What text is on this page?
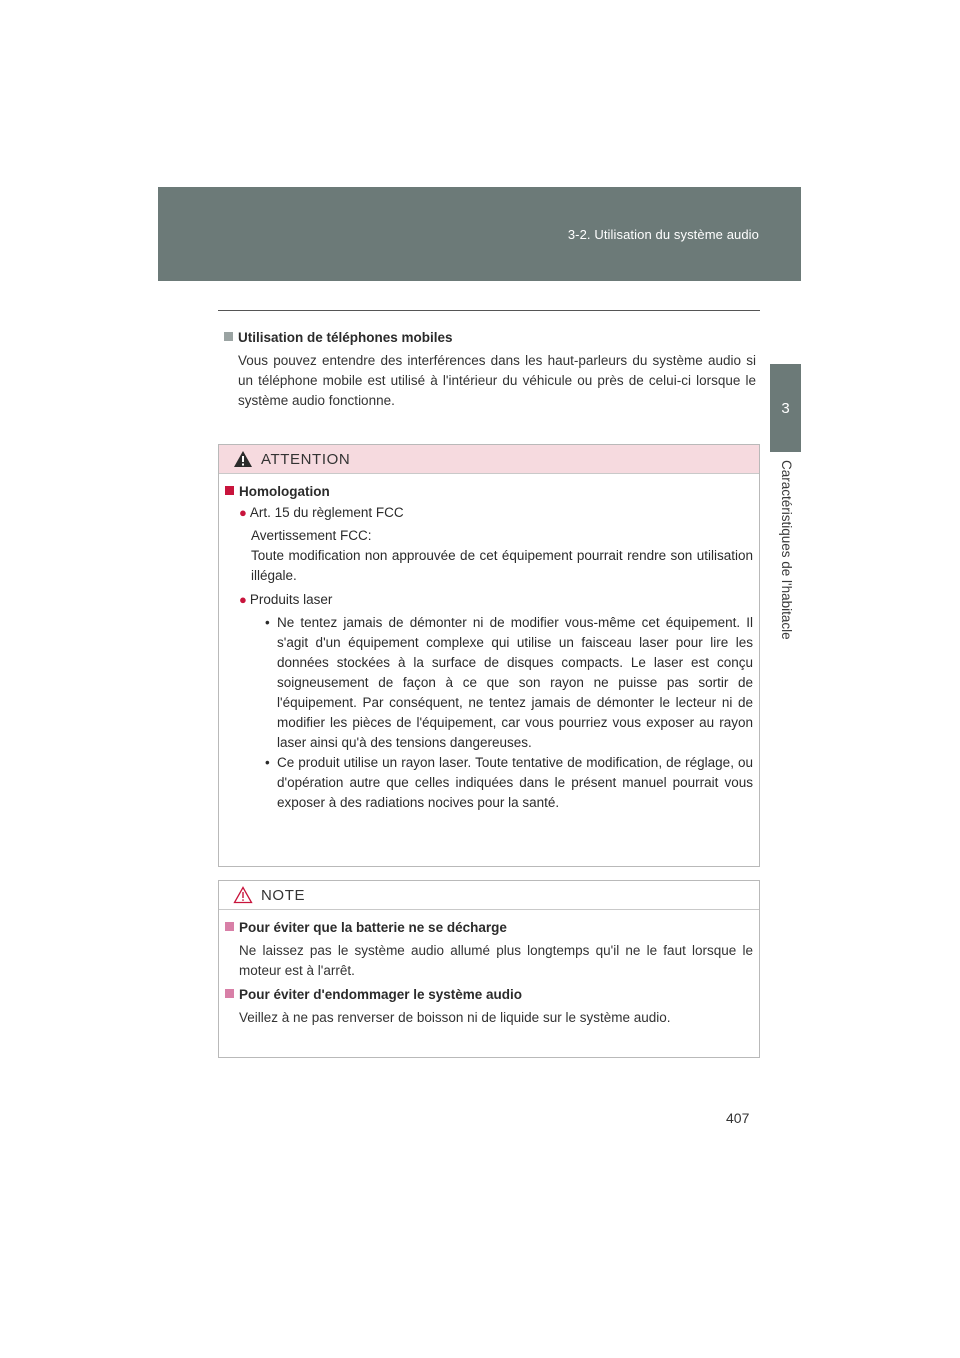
3-2. Utilisation du système audio
3
Caractéristiques de l'habitacle
Utilisation de téléphones mobiles
Vous pouvez entendre des interférences dans les haut-parleurs du système audio si un téléphone mobile est utilisé à l'intérieur du véhicule ou près de celui-ci lorsque le système audio fonctionne.
ATTENTION
Homologation
● Art. 15 du règlement FCC
Avertissement FCC:
Toute modification non approuvée de cet équipement pourrait rendre son utilisation illégale.
● Produits laser
• Ne tentez jamais de démonter ni de modifier vous-même cet équipement. Il s'agit d'un équipement complexe qui utilise un faisceau laser pour lire les données stockées à la surface de disques compacts. Le laser est conçu soigneusement de façon à ce que son rayon ne puisse pas sortir de l'équipement. Par conséquent, ne tentez jamais de démonter le lecteur ni de modifier les pièces de l'équipement, car vous pourriez vous exposer au rayon laser ainsi qu'à des tensions dangereuses.
• Ce produit utilise un rayon laser. Toute tentative de modification, de réglage, ou d'opération autre que celles indiquées dans le présent manuel pourrait vous exposer à des radiations nocives pour la santé.
NOTE
Pour éviter que la batterie ne se décharge
Ne laissez pas le système audio allumé plus longtemps qu'il ne le faut lorsque le moteur est à l'arrêt.
Pour éviter d'endommager le système audio
Veillez à ne pas renverser de boisson ni de liquide sur le système audio.
407
